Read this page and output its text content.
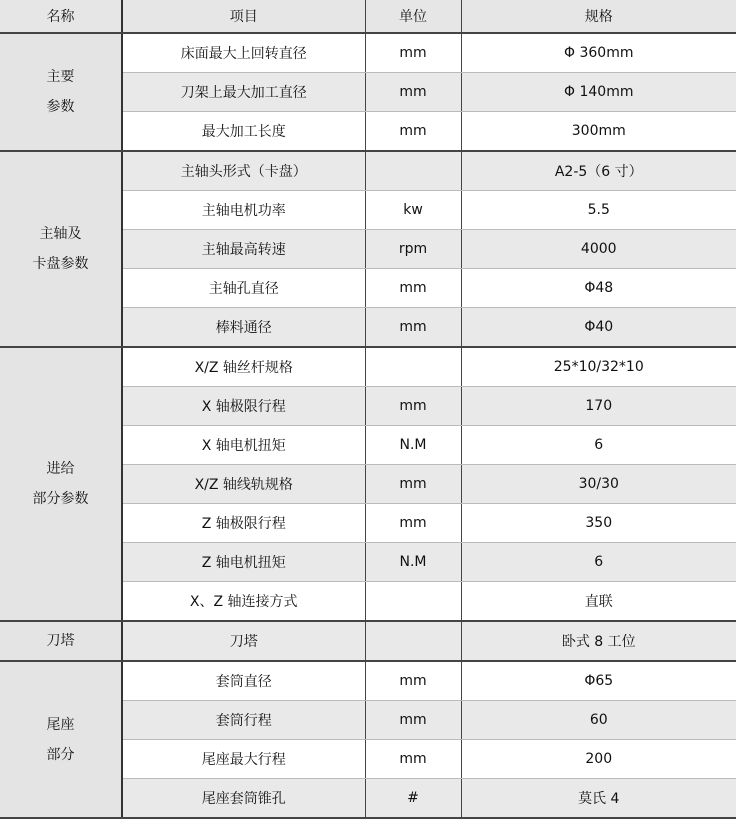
名称	项目	单位	规格
主要
参数	床面最大上回转直径	mm	Φ 360mm
	刀架上最大加工直径	mm	Φ 140mm
	最大加工长度	mm	300mm
主轴及
卡盘参数	主轴头形式（卡盘）		A2-5（6 寸）
	主轴电机功率	kw	5.5
	主轴最高转速	rpm	4000
	主轴孔直径	mm	Φ48
	棒料通径	mm	Φ40
进给
部分参数	X/Z 轴丝杆规格		25*10/32*10
	X 轴极限行程	mm	170
	X 轴电机扭矩	N.M	6
	X/Z 轴线轨规格	mm	30/30
	Z 轴极限行程	mm	350
	Z 轴电机扭矩	N.M	6
	X、Z 轴连接方式		直联
刀塔	刀塔		卧式 8 工位
尾座
部分	套筒直径	mm	Φ65
	套筒行程	mm	60
	尾座最大行程	mm	200
	尾座套筒锥孔	#	莫氏 4
